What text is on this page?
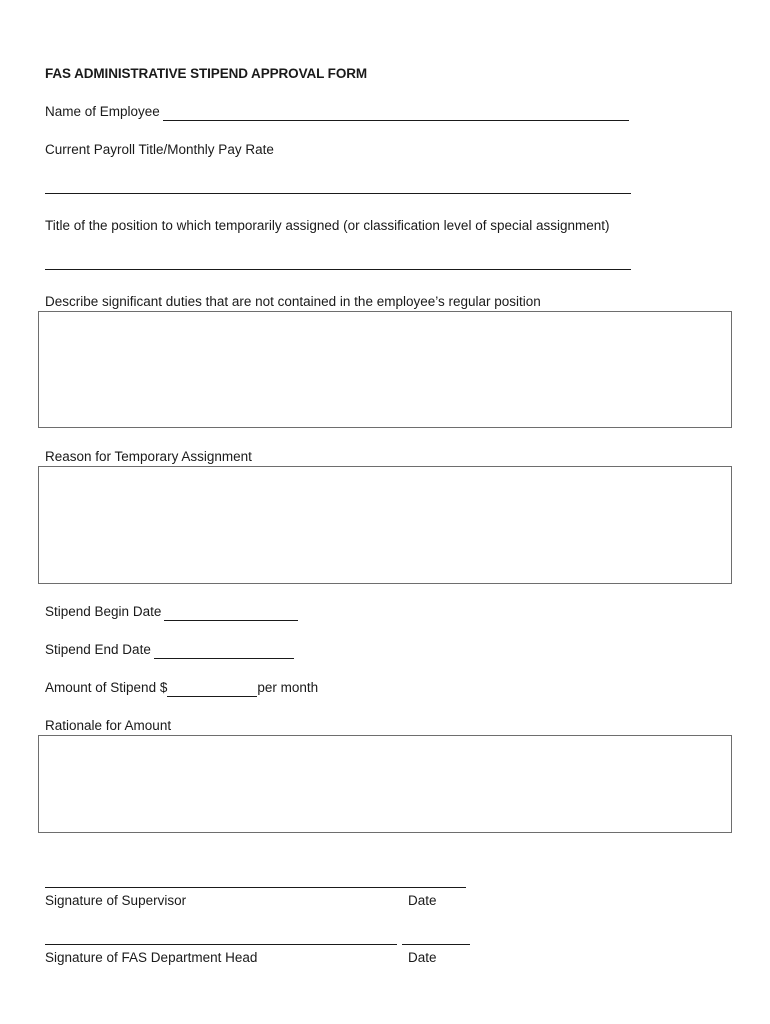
FAS ADMINISTRATIVE STIPEND APPROVAL FORM
Name of Employee
Current Payroll Title/Monthly Pay Rate
Title of the position to which temporarily assigned (or classification level of special assignment)
Describe significant duties that are not contained in the employee’s regular position
Reason for Temporary Assignment
Stipend Begin Date
Stipend End Date
Amount of Stipend $	per month
Rationale for Amount
Signature of Supervisor	Date
Signature of FAS Department Head	Date
